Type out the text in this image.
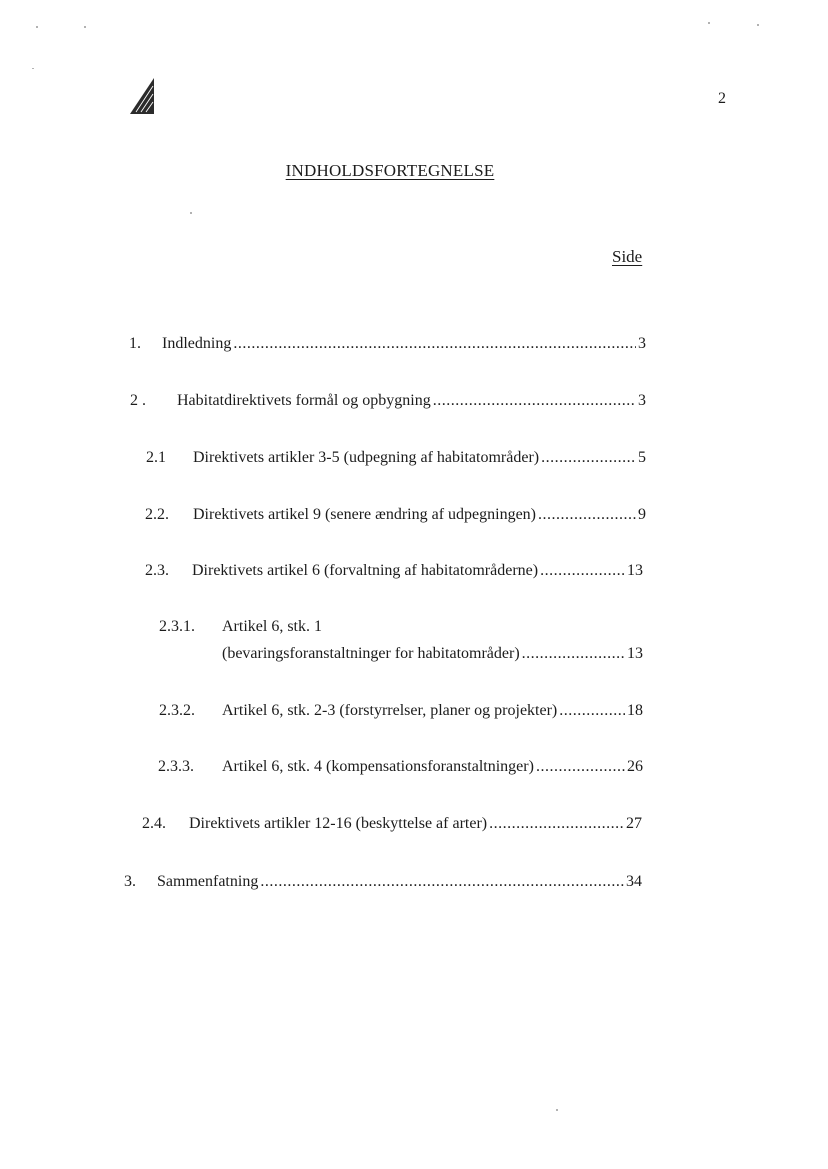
2
INDHOLDSFORTEGNELSE
Side
1. Indledning .....	3
2 . Habitatdirektivets formål og opbygning .....	3
2.1 Direktivets artikler 3-5 (udpegning af habitatområder) .....	5
2.2. Direktivets artikel 9 (senere ændring af udpegningen) .....	9
2.3. Direktivets artikel 6 (forvaltning af habitatområderne) .....	13
2.3.1. Artikel 6, stk. 1
(bevaringsforanstaltninger for habitatområder) .....	13
2.3.2. Artikel 6, stk. 2-3 (forstyrrelser, planer og projekter) .....	18
2.3.3. Artikel 6, stk. 4 (kompensationsforanstaltninger) .....	26
2.4. Direktivets artikler 12-16 (beskyttelse af arter) .....	27
3. Sammenfatning .....	34
